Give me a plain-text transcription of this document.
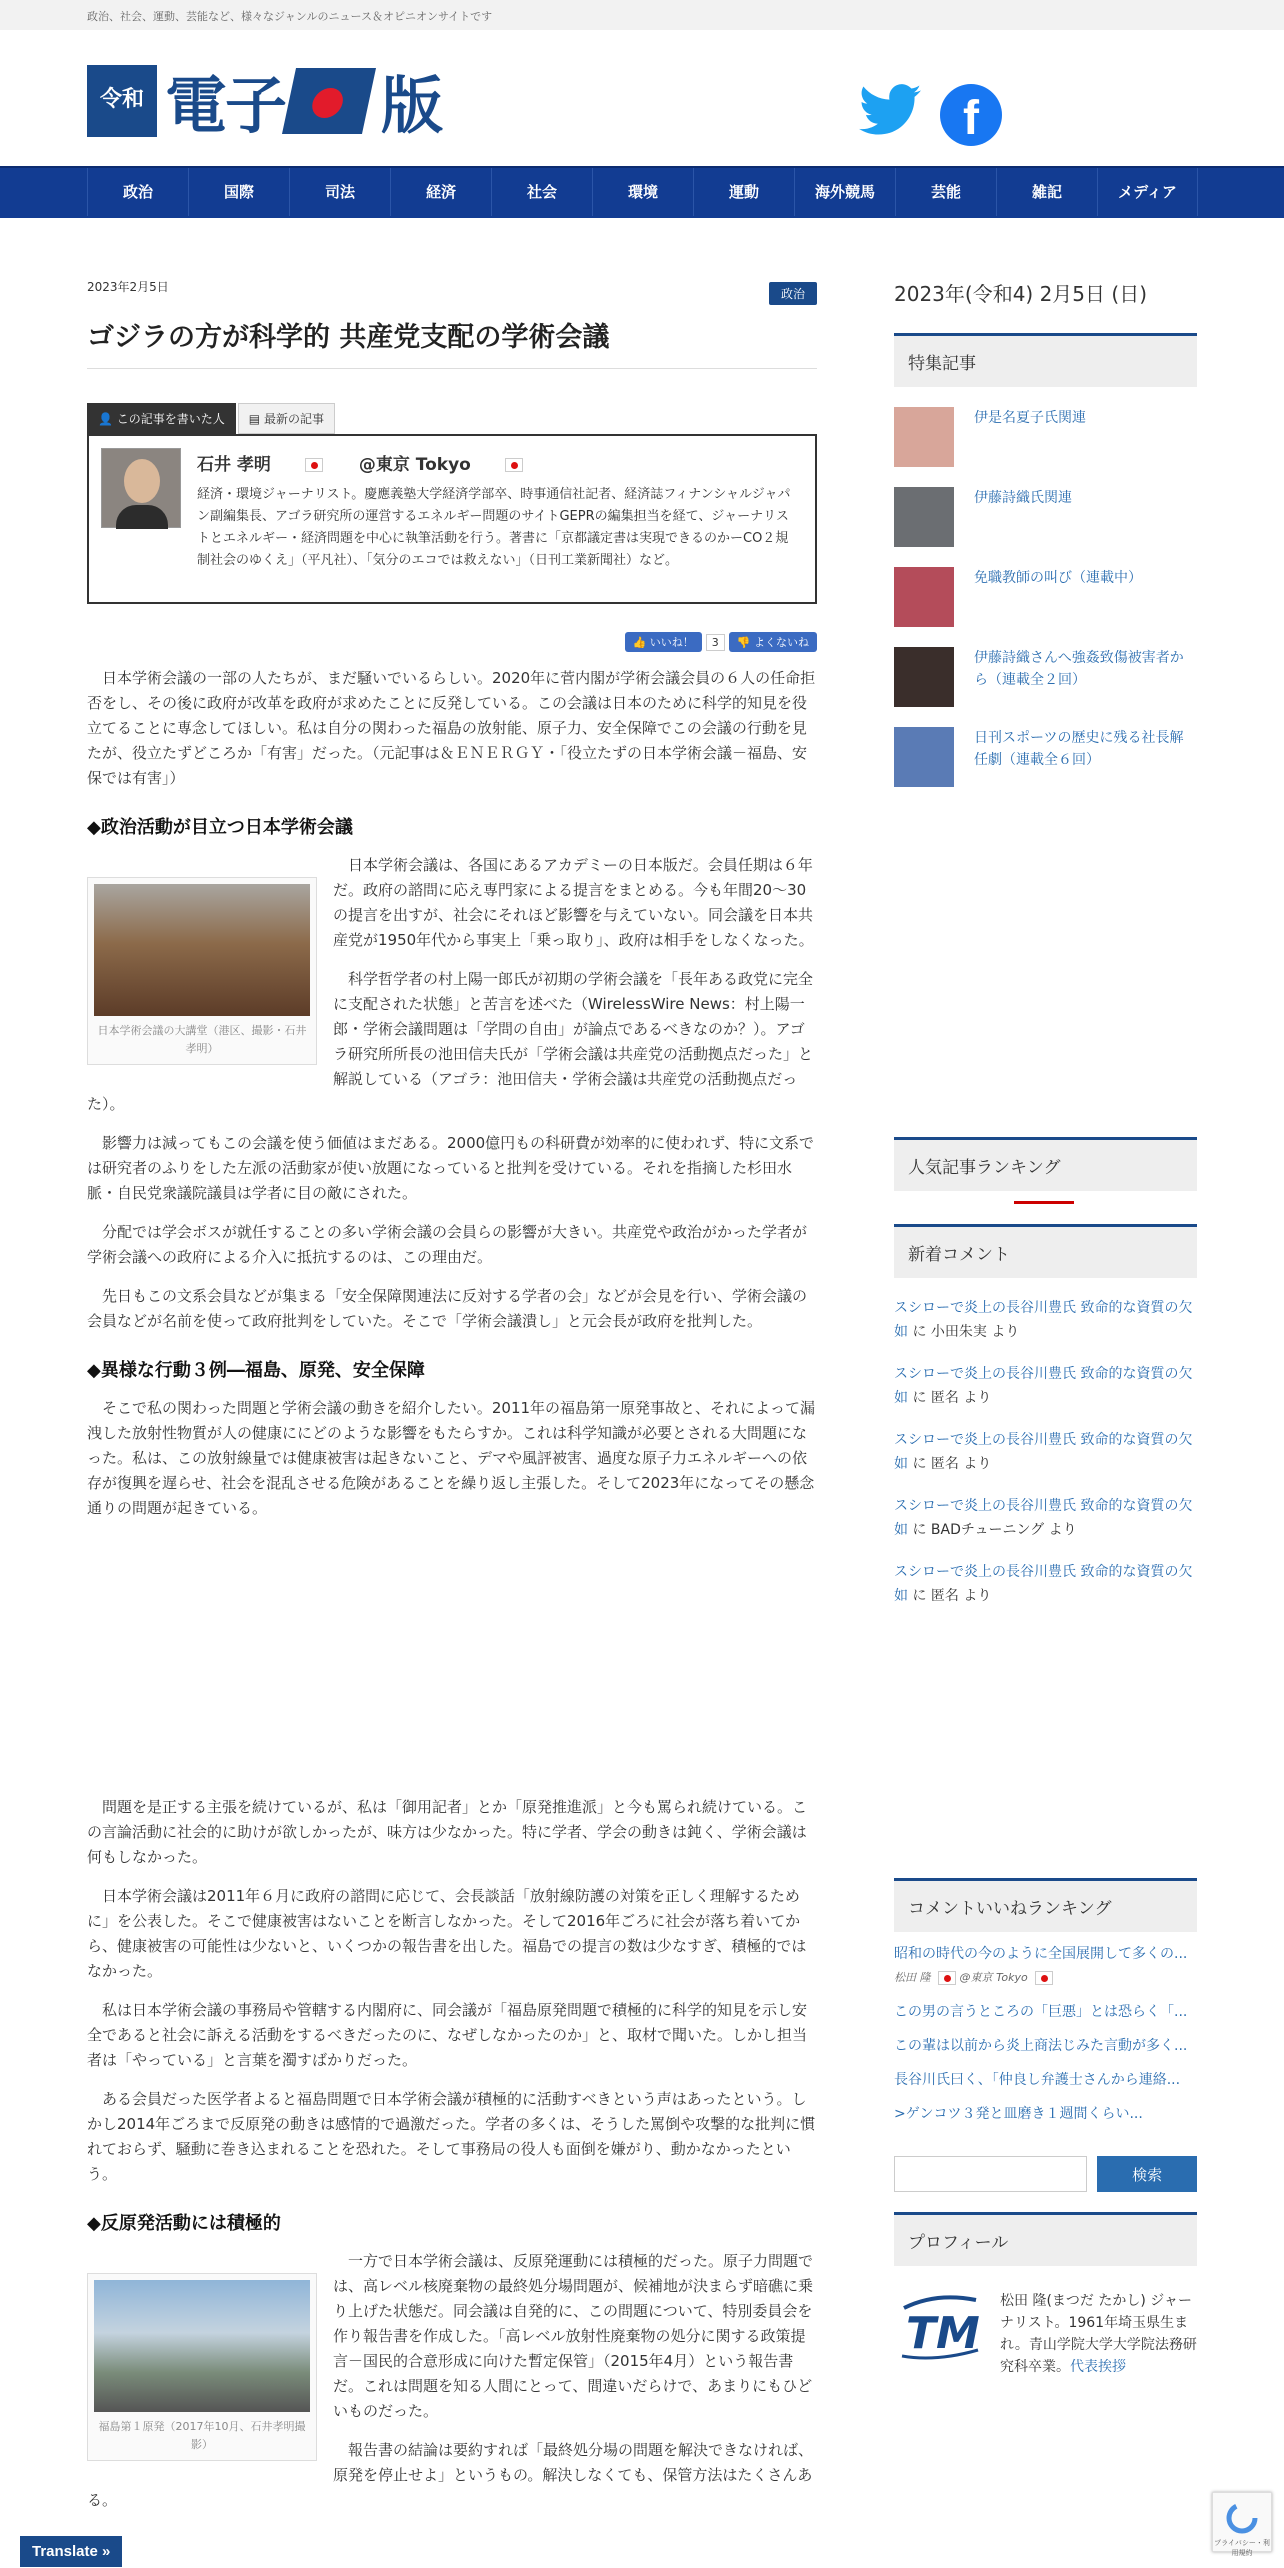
政治、社会、運動、芸能など、様々なジャンルのニュース＆オピニオンサイトです
令和 電子 版	f
政治	国際	司法	経済	社会	環境	運動	海外競馬	芸能	雑記	メディア
2023年2月5日	政治
ゴジラの方が科学的 共産党支配の学術会議
👤 この記事を書いた人	▤ 最新の記事
石井 孝明	@東京 Tokyo
経済・環境ジャーナリスト。慶應義塾大学経済学部卒、時事通信社記者、経済誌フィナンシャルジャパン副編集長、アゴラ研究所の運営するエネルギー問題のサイトGEPRの編集担当を経て、ジャーナリストとエネルギー・経済問題を中心に執筆活動を行う。著書に「京都議定書は実現できるのかーCO２規制社会のゆくえ」（平凡社）、「気分のエコでは救えない」（日刊工業新聞社）など。
👍 いいね！ 3 👎 よくないね

日本学術会議の一部の人たちが、まだ騒いでいるらしい。2020年に菅内閣が学術会議会員の６人の任命拒否をし、その後に政府が改革を政府が求めたことに反発している。この会議は日本のために科学的知見を役立てることに専念してほしい。私は自分の関わった福島の放射能、原子力、安全保障でこの会議の行動を見たが、役立たずどころか「有害」だった。（元記事は＆ＥＮＥＲＧＹ・「役立たずの日本学術会議－福島、安保では有害」）

◆政治活動が目立つ日本学術会議
日本学術会議の大講堂（港区、撮影・石井孝明）

日本学術会議は、各国にあるアカデミーの日本版だ。会員任期は６年だ。政府の諮問に応え専門家による提言をまとめる。今も年間20〜30の提言を出すが、社会にそれほど影響を与えていない。同会議を日本共産党が1950年代から事実上「乗っ取り」、政府は相手をしなくなった。

科学哲学者の村上陽一郎氏が初期の学術会議を「長年ある政党に完全に支配された状態」と苦言を述べた（WirelessWire News：村上陽一郎・学術会議問題は「学問の自由」が論点であるべきなのか？）。アゴラ研究所所長の池田信夫氏が「学術会議は共産党の活動拠点だった」と解説している（アゴラ：池田信夫・学術会議は共産党の活動拠点だった）。

影響力は減ってもこの会議を使う価値はまだある。2000億円もの科研費が効率的に使われず、特に文系では研究者のふりをした左派の活動家が使い放題になっていると批判を受けている。それを指摘した杉田水脈・自民党衆議院議員は学者に目の敵にされた。

分配では学会ボスが就任することの多い学術会議の会員らの影響が大きい。共産党や政治がかった学者が学術会議への政府による介入に抵抗するのは、この理由だ。

先日もこの文系会員などが集まる「安全保障関連法に反対する学者の会」などが会見を行い、学術会議の会員などが名前を使って政府批判をしていた。そこで「学術会議潰し」と元会長が政府を批判した。

◆異様な行動３例―福島、原発、安全保障

そこで私の関わった問題と学術会議の動きを紹介したい。2011年の福島第一原発事故と、それによって漏洩した放射性物質が人の健康ににどのような影響をもたらすか。これは科学知識が必要とされる大問題になった。私は、この放射線量では健康被害は起きないこと、デマや風評被害、過度な原子力エネルギーへの依存が復興を遅らせ、社会を混乱させる危険があることを繰り返し主張した。そして2023年になってその懸念通りの問題が起きている。

問題を是正する主張を続けているが、私は「御用記者」とか「原発推進派」と今も罵られ続けている。この言論活動に社会的に助けが欲しかったが、味方は少なかった。特に学者、学会の動きは鈍く、学術会議は何もしなかった。

日本学術会議は2011年６月に政府の諮問に応じて、会長談話「放射線防護の対策を正しく理解するために」を公表した。そこで健康被害はないことを断言しなかった。そして2016年ごろに社会が落ち着いてから、健康被害の可能性は少ないと、いくつかの報告書を出した。福島での提言の数は少なすぎ、積極的ではなかった。

私は日本学術会議の事務局や管轄する内閣府に、同会議が「福島原発問題で積極的に科学的知見を示し安全であると社会に訴える活動をするべきだったのに、なぜしなかったのか」と、取材で聞いた。しかし担当者は「やっている」と言葉を濁すばかりだった。

ある会員だった医学者よると福島問題で日本学術会議が積極的に活動すべきという声はあったという。しかし2014年ごろまで反原発の動きは感情的で過激だった。学者の多くは、そうした罵倒や攻撃的な批判に慣れておらず、騒動に巻き込まれることを恐れた。そして事務局の役人も面倒を嫌がり、動かなかったという。

◆反原発活動には積極的
福島第１原発（2017年10月、石井孝明撮影）

一方で日本学術会議は、反原発運動には積極的だった。原子力問題では、高レベル核廃棄物の最終処分場問題が、候補地が決まらず暗礁に乗り上げた状態だ。同会議は自発的に、この問題について、特別委員会を作り報告書を作成した。「高レベル放射性廃棄物の処分に関する政策提言－国民的合意形成に向けた暫定保管」（2015年4月）という報告書だ。これは問題を知る人間にとって、間違いだらけで、あまりにもひどいものだった。

報告書の結論は要約すれば「最終処分場の問題を解決できなければ、原発を停止せよ」というもの。解決しなくても、保管方法はたくさんある。

2023年(令和4) 2月5日 (日)
特集記事
伊是名夏子氏関連
伊藤詩織氏関連
免職教師の叫び（連載中）
伊藤詩織さんへ強姦致傷被害者から（連載全２回）
日刊スポーツの歴史に残る社長解任劇（連載全６回）
人気記事ランキング
新着コメント
スシローで炎上の長谷川豊氏 致命的な資質の欠如 に 小田朱実 より
スシローで炎上の長谷川豊氏 致命的な資質の欠如 に 匿名 より
スシローで炎上の長谷川豊氏 致命的な資質の欠如 に 匿名 より
スシローで炎上の長谷川豊氏 致命的な資質の欠如 に BADチューニング より
スシローで炎上の長谷川豊氏 致命的な資質の欠如 に 匿名 より
コメントいいねランキング
昭和の時代の今のように全国展開して多くの...
松田 隆	@東京 Tokyo
この男の言うところの「巨悪」とは恐らく「...
この輩は以前から炎上商法じみた言動が多く...
長谷川氏曰く、「仲良し弁護士さんから連絡...
>ゲンコツ３発と皿磨き１週間くらい...
検索
プロフィール
TM
松田 隆(まつだ たかし) ジャーナリスト。1961年埼玉県生まれ。青山学院大学大学院法務研究科卒業。代表挨拶
Translate »	プライバシー・利用規約
